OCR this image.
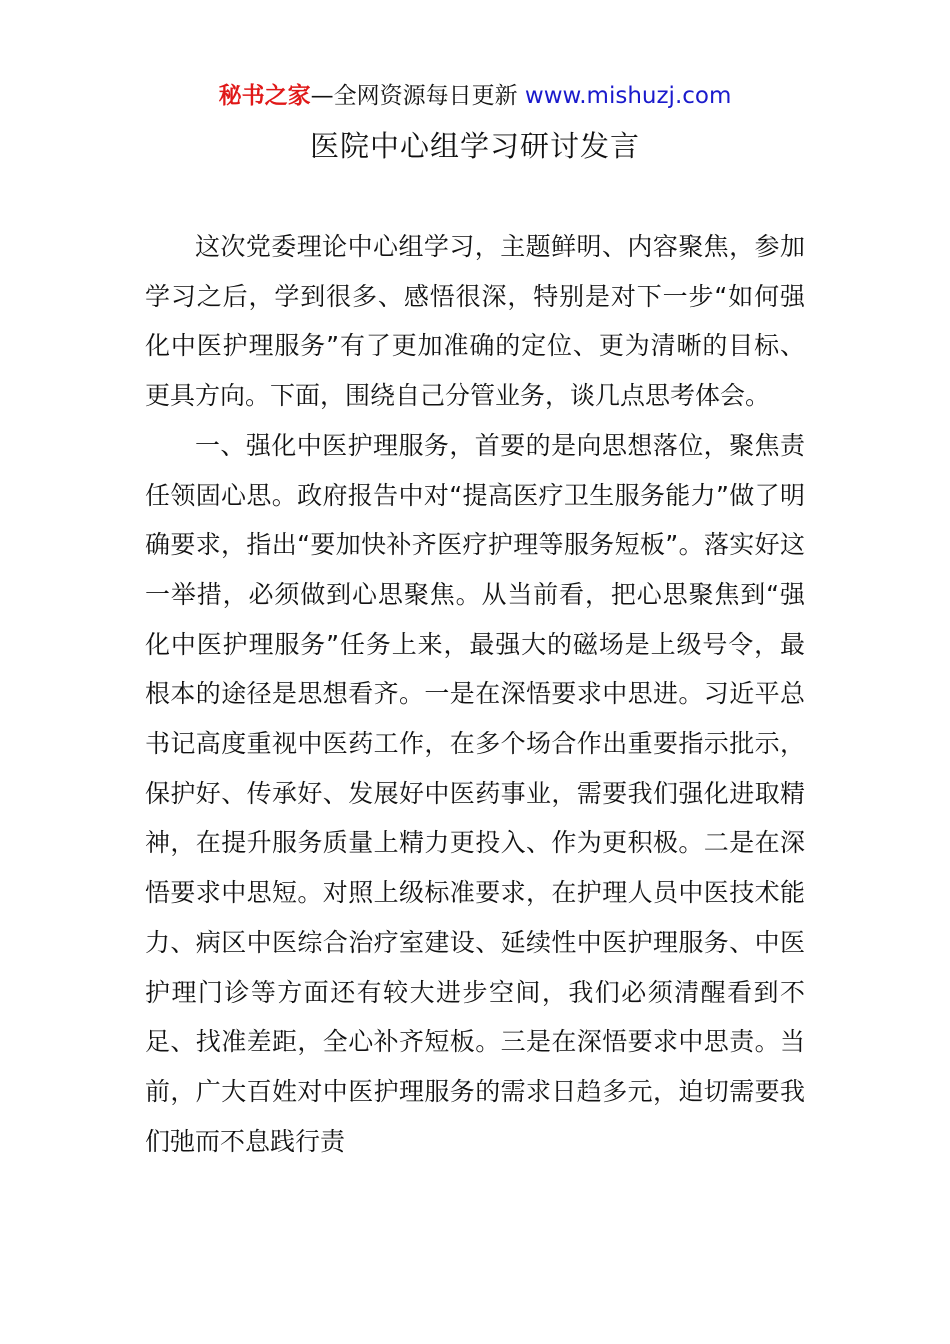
秘书之家—全网资源每日更新 www.mishuzj.com
医院中心组学习研讨发言

这次党委理论中心组学习，主题鲜明、内容聚焦，参加学习之后，学到很多、感悟很深，特别是对下一步“如何强化中医护理服务”有了更加准确的定位、更为清晰的目标、更具方向。下面，围绕自己分管业务，谈几点思考体会。

一、强化中医护理服务，首要的是向思想落位，聚焦责任领固心思。政府报告中对“提高医疗卫生服务能力”做了明确要求，指出“要加快补齐医疗护理等服务短板”。落实好这一举措，必须做到心思聚焦。从当前看，把心思聚焦到“强化中医护理服务”任务上来，最强大的磁场是上级号令，最根本的途径是思想看齐。一是在深悟要求中思进。习近平总书记高度重视中医药工作，在多个场合作出重要指示批示，保护好、传承好、发展好中医药事业，需要我们强化进取精神，在提升服务质量上精力更投入、作为更积极。二是在深悟要求中思短。对照上级标准要求，在护理人员中医技术能力、病区中医综合治疗室建设、延续性中医护理服务、中医护理门诊等方面还有较大进步空间，我们必须清醒看到不足、找准差距，全心补齐短板。三是在深悟要求中思责。当前，广大百姓对中医护理服务的需求日趋多元，迫切需要我们弛而不息践行责
